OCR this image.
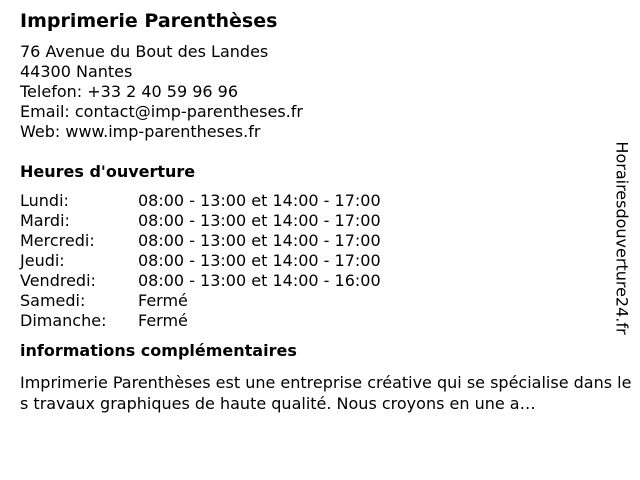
Imprimerie Parenthèses
76 Avenue du Bout des Landes
44300 Nantes
Telefon: +33 2 40 59 96 96
Email: contact@imp-parentheses.fr
Web: www.imp-parentheses.fr
Heures d'ouverture
Lundi:	08:00 - 13:00 et 14:00 - 17:00
Mardi:	08:00 - 13:00 et 14:00 - 17:00
Mercredi:	08:00 - 13:00 et 14:00 - 17:00
Jeudi:	08:00 - 13:00 et 14:00 - 17:00
Vendredi:	08:00 - 13:00 et 14:00 - 16:00
Samedi:	Fermé
Dimanche:	Fermé
informations complémentaires
Imprimerie Parenthèses est une entreprise créative qui se spécialise dans les travaux graphiques de haute qualité. Nous croyons en une a…
Horairesdouverture24.fr
